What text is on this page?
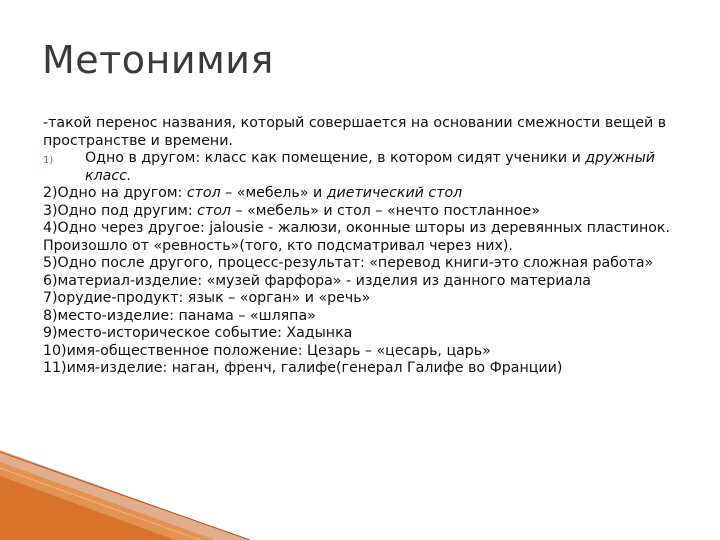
Метонимия

-такой перенос названия, который совершается на основании смежности вещей в пространстве и времени.

1) Одно в другом: класс как помещение, в котором сидят ученики и дружный класс.

2)Одно на другом: стол – «мебель» и диетический стол

3)Одно под другим: стол – «мебель» и стол – «нечто постланное»

4)Одно через другое: jalousie - жалюзи, оконные шторы из деревянных пластинок. Произошло от «ревность»(того, кто подсматривал через них).

5)Одно после другого, процесс-результат: «перевод книги-это сложная работа»

6)материал-изделие: «музей фарфора» - изделия из данного материала

7)орудие-продукт: язык – «орган» и «речь»

8)место-изделие: панама – «шляпа»

9)место-историческое событие: Хадынка

10)имя-общественное положение: Цезарь – «цесарь, царь»

11)имя-изделие: наган, френч, галифе(генерал Галифе во Франции)
